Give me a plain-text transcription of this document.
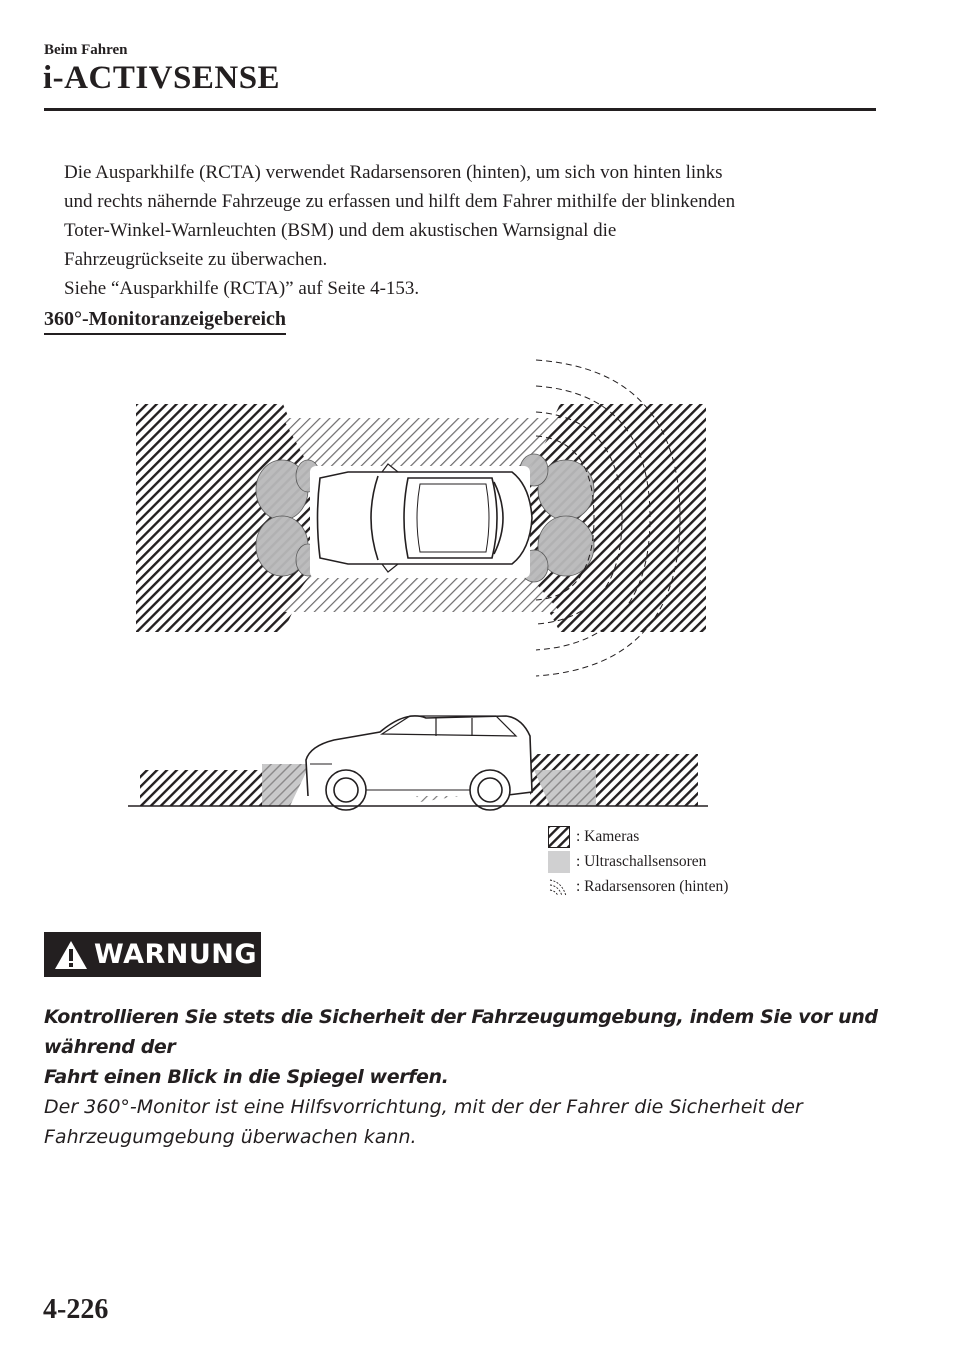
Beim Fahren
i-ACTIVSENSE

Die Ausparkhilfe (RCTA) verwendet Radarsensoren (hinten), um sich von hinten links

und rechts nähernde Fahrzeuge zu erfassen und hilft dem Fahrer mithilfe der blinkenden

Toter-Winkel-Warnleuchten (BSM) und dem akustischen Warnsignal die

Fahrzeugrückseite zu überwachen.

Siehe “Ausparkhilfe (RCTA)” auf Seite 4-153.

360°-Monitoranzeigebereich
: Kameras
: Ultraschallsensoren
: Radarsensoren (hinten)
WARNUNG

Kontrollieren Sie stets die Sicherheit der Fahrzeugumgebung, indem Sie vor und während der

Fahrt einen Blick in die Spiegel werfen.

Der 360°-Monitor ist eine Hilfsvorrichtung, mit der der Fahrer die Sicherheit der

Fahrzeugumgebung überwachen kann.

4-226
